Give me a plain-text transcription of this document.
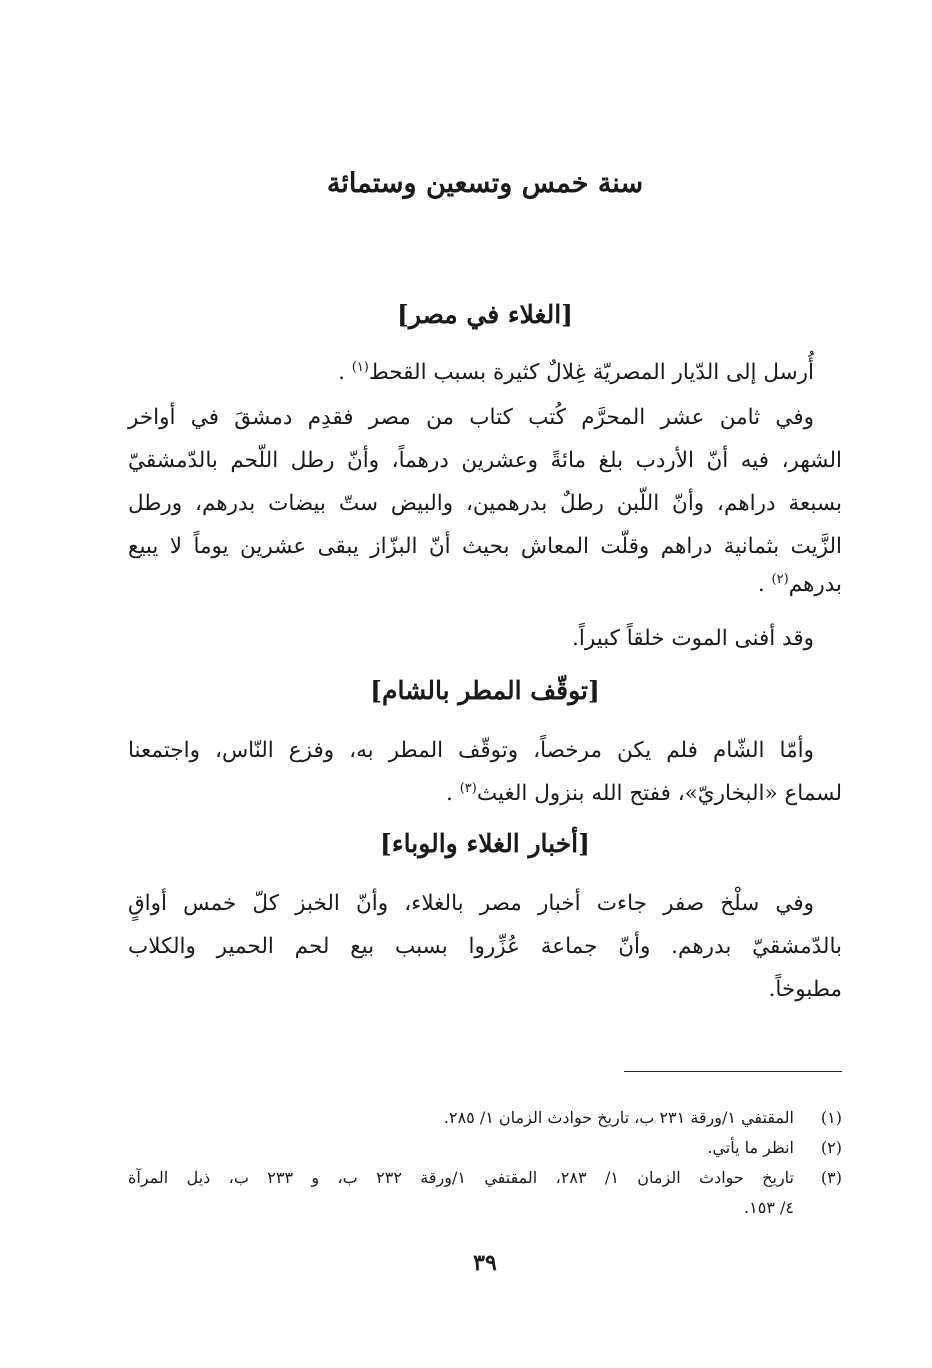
سنة خمس وتسعين وستمائة
[الغلاء في مصر]

أُرسل إلى الدّيار المصريّة غِلالٌ كثيرة بسبب القحط$^{(١)}$ .

وفي ثامن عشر المحرَّم كُتب كتاب من مصر فقدِم دمشقَ في أواخر
الشهر، فيه أنّ الأردب بلغ مائةً وعشرين درهماً، وأنّ رطل اللّحم بالدّمشقيّ
بسبعة دراهم، وأنّ اللّبن رطلٌ بدرهمين، والبيض ستّ بيضات بدرهم، ورطل
الزَّيت بثمانية دراهم وقلّت المعاش بحيث أنّ البزّاز يبقى عشرين يوماً لا يبيع
بدرهم$^{(٢)}$ .

وقد أفنى الموت خلقاً كبيراً.

[توقّف المطر بالشام]

وأمّا الشّام فلم يكن مرخصاً، وتوقّف المطر به، وفزع النّاس، واجتمعنا
لسماع «البخاريّ»، ففتح الله بنزول الغيث$^{(٣)}$ .

[أخبار الغلاء والوباء]

وفي سلْخ صفر جاءت أخبار مصر بالغلاء، وأنّ الخبز كلّ خمس أواقٍ
بالدّمشقيّ بدرهم. وأنّ جماعة عُزِّروا بسبب بيع لحم الحمير والكلاب
مطبوخاً.

(١)
المقتفي ١/ورقة ٢٣١ ب، تاريخ حوادث الزمان ١/ ٢٨٥.
(٢)
انظر ما يأتي.
(٣)
تاريخ حوادث الزمان ١/ ٢٨٣، المقتفي ١/ورقة ٢٣٢ ب، و ٢٣٣ ب، ذيل المرآة
٤/ ١٥٣.
٣٩
